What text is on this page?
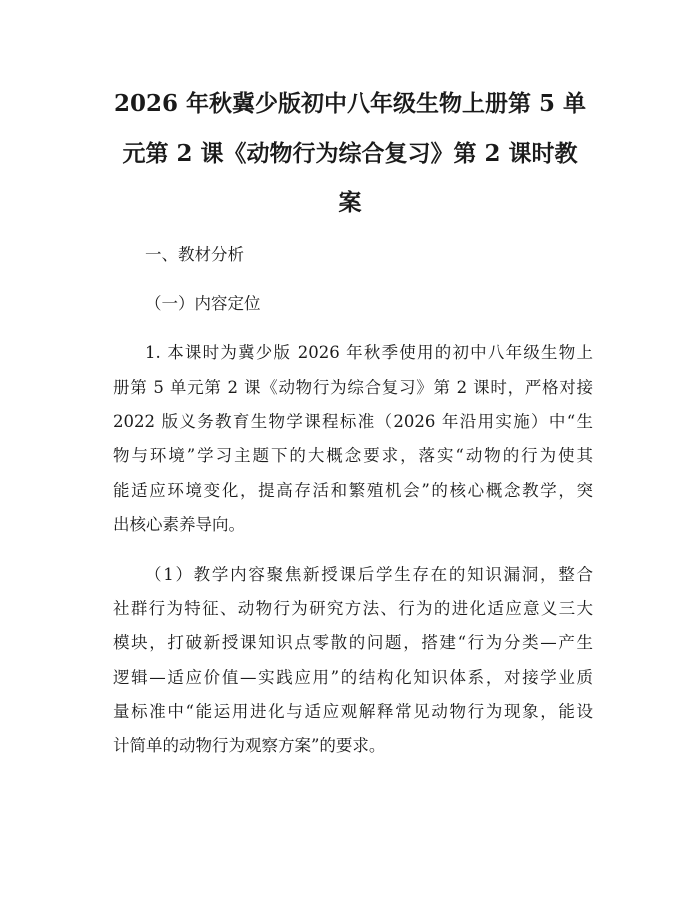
2026 年秋冀少版初中八年级生物上册第 5 单
元第 2 课《动物行为综合复习》第 2 课时教
案
一、教材分析
（一）内容定位
1. 本课时为冀少版 2026 年秋季使用的初中八年级生物上
册第 5 单元第 2 课《动物行为综合复习》第 2 课时，严格对接
2022 版义务教育生物学课程标准（2026 年沿用实施）中“生
物与环境”学习主题下的大概念要求，落实“动物的行为使其
能适应环境变化，提高存活和繁殖机会”的核心概念教学，突
出核心素养导向。
（1）教学内容聚焦新授课后学生存在的知识漏洞，整合
社群行为特征、动物行为研究方法、行为的进化适应意义三大
模块，打破新授课知识点零散的问题，搭建“行为分类—产生
逻辑—适应价值—实践应用”的结构化知识体系，对接学业质
量标准中“能运用进化与适应观解释常见动物行为现象，能设
计简单的动物行为观察方案”的要求。
